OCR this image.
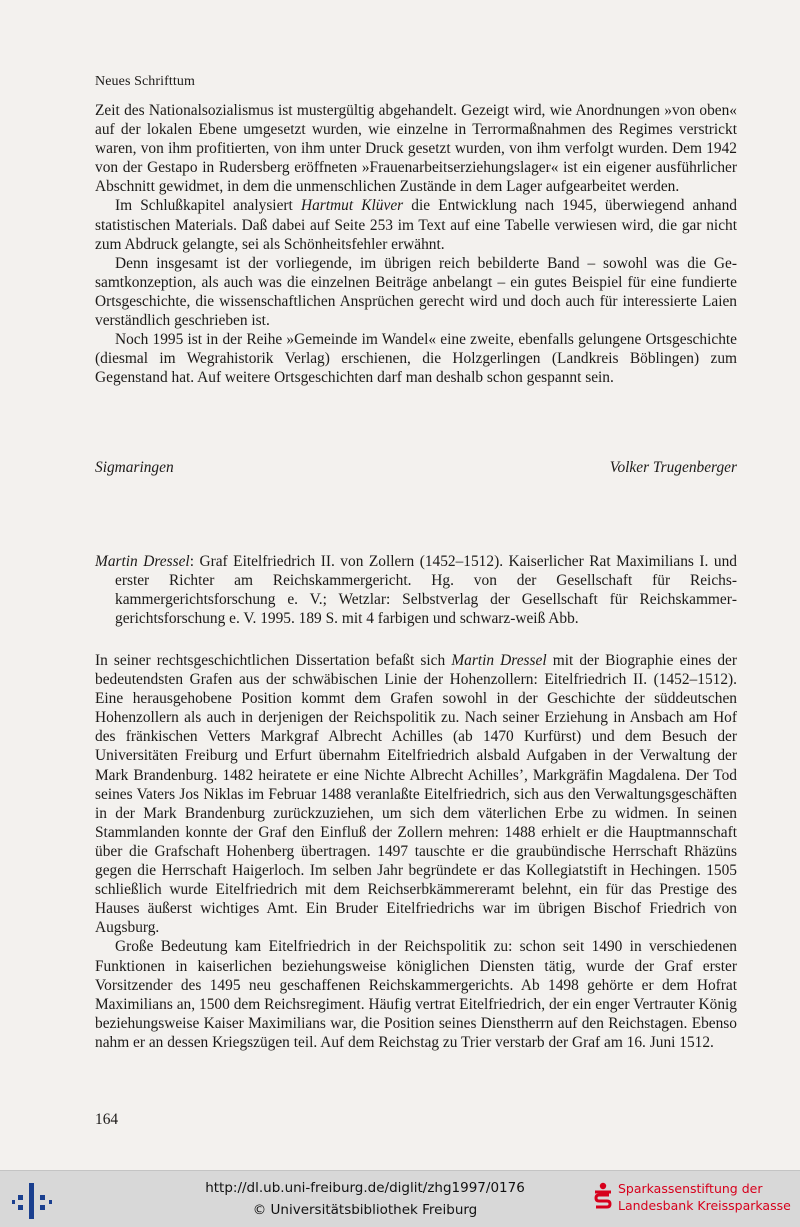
Neues Schrifttum

Zeit des Nationalsozialismus ist mustergültig abgehandelt. Gezeigt wird, wie Anordnungen »von oben« auf der lokalen Ebene umgesetzt wurden, wie einzelne in Terrormaßnahmen des Regimes verstrickt waren, von ihm profitierten, von ihm unter Druck gesetzt wurden, von ihm verfolgt wurden. Dem 1942 von der Gestapo in Rudersberg eröffneten »Frauenarbeitserziehungslager« ist ein eigener ausführlicher Abschnitt gewidmet, in dem die unmenschlichen Zustände in dem Lager aufgearbeitet werden.

Im Schlußkapitel analysiert Hartmut Klüver die Entwicklung nach 1945, überwiegend anhand statistischen Materials. Daß dabei auf Seite 253 im Text auf eine Tabelle verwiesen wird, die gar nicht zum Abdruck gelangte, sei als Schönheitsfehler erwähnt.

Denn insgesamt ist der vorliegende, im übrigen reich bebilderte Band – sowohl was die Gesamtkonzeption, als auch was die einzelnen Beiträge anbelangt – ein gutes Beispiel für eine fundierte Ortsgeschichte, die wissenschaftlichen Ansprüchen gerecht wird und doch auch für interessierte Laien verständlich geschrieben ist.

Noch 1995 ist in der Reihe »Gemeinde im Wandel« eine zweite, ebenfalls gelungene Ortsgeschichte (diesmal im Wegrahistorik Verlag) erschienen, die Holzgerlingen (Landkreis Böblingen) zum Gegenstand hat. Auf weitere Ortsgeschichten darf man deshalb schon gespannt sein.

Sigmaringen	Volker Trugenberger
Martin Dressel: Graf Eitelfriedrich II. von Zollern (1452–1512). Kaiserlicher Rat Maximilians I. und erster Richter am Reichskammergericht. Hg. von der Gesellschaft für Reichskammergerichtsforschung e. V.; Wetzlar: Selbstverlag der Gesellschaft für Reichskammergerichtsforschung e. V. 1995. 189 S. mit 4 farbigen und schwarz-weiß Abb.

In seiner rechtsgeschichtlichen Dissertation befaßt sich Martin Dressel mit der Biographie eines der bedeutendsten Grafen aus der schwäbischen Linie der Hohenzollern: Eitelfriedrich II. (1452–1512). Eine herausgehobene Position kommt dem Grafen sowohl in der Geschichte der süddeutschen Hohenzollern als auch in derjenigen der Reichspolitik zu. Nach seiner Erziehung in Ansbach am Hof des fränkischen Vetters Markgraf Albrecht Achilles (ab 1470 Kurfürst) und dem Besuch der Universitäten Freiburg und Erfurt übernahm Eitelfriedrich alsbald Aufgaben in der Verwaltung der Mark Brandenburg. 1482 heiratete er eine Nichte Albrecht Achilles’, Markgräfin Magdalena. Der Tod seines Vaters Jos Niklas im Februar 1488 veranlaßte Eitelfriedrich, sich aus den Verwaltungsgeschäften in der Mark Brandenburg zurückzuziehen, um sich dem väterlichen Erbe zu widmen. In seinen Stammlanden konnte der Graf den Einfluß der Zollern mehren: 1488 erhielt er die Hauptmannschaft über die Grafschaft Hohenberg übertragen. 1497 tauschte er die graubündische Herrschaft Rhäzüns gegen die Herrschaft Haigerloch. Im selben Jahr begründete er das Kollegiatstift in Hechingen. 1505 schließlich wurde Eitelfriedrich mit dem Reichserbkämmereramt belehnt, ein für das Prestige des Hauses äußerst wichtiges Amt. Ein Bruder Eitelfriedrichs war im übrigen Bischof Friedrich von Augsburg.

Große Bedeutung kam Eitelfriedrich in der Reichspolitik zu: schon seit 1490 in verschiedenen Funktionen in kaiserlichen beziehungsweise königlichen Diensten tätig, wurde der Graf erster Vorsitzender des 1495 neu geschaffenen Reichskammergerichts. Ab 1498 gehörte er dem Hofrat Maximilians an, 1500 dem Reichsregiment. Häufig vertrat Eitelfriedrich, der ein enger Vertrauter König beziehungsweise Kaiser Maximilians war, die Position seines Dienstherrn auf den Reichstagen. Ebenso nahm er an dessen Kriegszügen teil. Auf dem Reichstag zu Trier verstarb der Graf am 16. Juni 1512.

164
http://dl.ub.uni-freiburg.de/diglit/zhg1997/0176
© Universitätsbibliothek Freiburg
Sparkassenstiftung der
Landesbank Kreissparkasse
